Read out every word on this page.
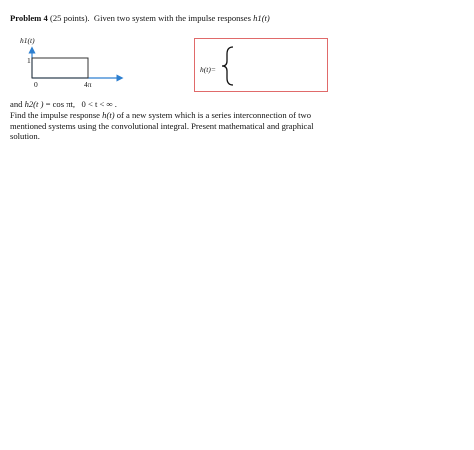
Problem 4 (25 points). Given two system with the impulse responses h1(t)
h1(t)
1
0	4π
h(t)=
and h2(t ) = cos πt, 0 < t < ∞ .
Find the impulse response h(t) of a new system which is a series interconnection of two
mentioned systems using the convolutional integral. Present mathematical and graphical
solution.
